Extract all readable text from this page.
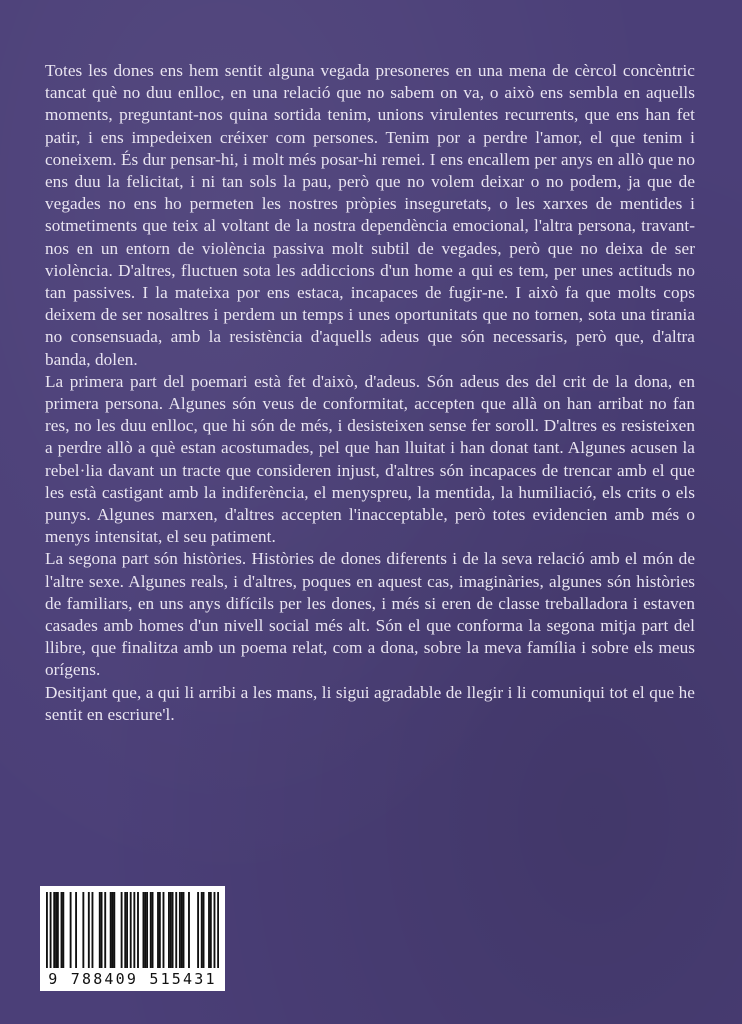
Totes les dones ens hem sentit alguna vegada presoneres en una mena de cèrcol concèntric tancat què no duu enlloc, en una relació que no sabem on va, o això ens sembla en aquells moments, preguntant-nos quina sortida tenim, unions virulentes recurrents, que ens han fet patir, i ens impedeixen créixer com persones. Tenim por a perdre l'amor, el que tenim i coneixem. És dur pensar-hi, i molt més posar-hi remei. I ens encallem per anys en allò que no ens duu la felicitat, i ni tan sols la pau, però que no volem deixar o no podem, ja que de vegades no ens ho permeten les nostres pròpies inseguretats, o les xarxes de mentides i sotmetiments que teix al voltant de la nostra dependència emocional, l'altra persona, travant-nos en un entorn de violència passiva molt subtil de vegades, però que no deixa de ser violència. D'altres, fluctuen sota les addiccions d'un home a qui es tem, per unes actituds no tan passives. I la mateixa por ens estaca, incapaces de fugir-ne. I això fa que molts cops deixem de ser nosaltres i perdem un temps i unes oportunitats que no tornen, sota una tirania no consensuada, amb la resistència d'aquells adeus que són necessaris, però que, d'altra banda, dolen.

La primera part del poemari està fet d'això, d'adeus. Són adeus des del crit de la dona, en primera persona. Algunes són veus de conformitat, accepten que allà on han arribat no fan res, no les duu enlloc, que hi són de més, i desisteixen sense fer soroll. D'altres es resisteixen a perdre allò a què estan acostumades, pel que han lluitat i han donat tant. Algunes acusen la rebel·lia davant un tracte que consideren injust, d'altres són incapaces de trencar amb el que les està castigant amb la indiferència, el menyspreu, la mentida, la humiliació, els crits o els punys. Algunes marxen, d'altres accepten l'inacceptable, però totes evidencien amb més o menys intensitat, el seu patiment.

La segona part són històries. Històries de dones diferents i de la seva relació amb el món de l'altre sexe. Algunes reals, i d'altres, poques en aquest cas, imaginàries, algunes són històries de familiars, en uns anys difícils per les dones, i més si eren de classe treballadora i estaven casades amb homes d'un nivell social més alt. Són el que conforma la segona mitja part del llibre, que finalitza amb un poema relat, com a dona, sobre la meva família i sobre els meus orígens.

Desitjant que, a qui li arribi a les mans, li sigui agradable de llegir i li comuniqui tot el que he sentit en escriure'l.

9 788409 515431
